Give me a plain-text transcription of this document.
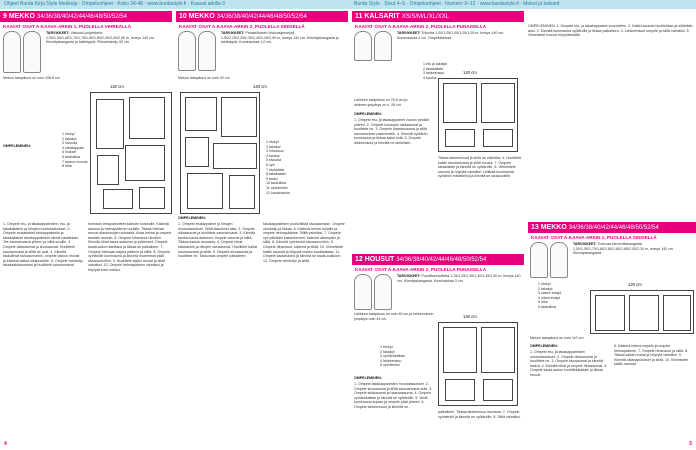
Ohjeet Burda Kirja Style Mekkoja · Ompeluohjeet · Koko 34-48 · www.burdastyle.fi · Kaavat arkilla 3	Burda Style · Sivut 4–5 · Ompeluohjeet · Numero 9–12 · www.burdastyle.fi · Mekot ja kalsarit
9 MEKKO 34/36/38/40/42/44/46/48/50/52/54
KAAVAT OSAT A-KAAVA-ARKIN 1, PUOLELLA VIHREÄLLÄ
TARVIKKEET: Viskoosi-polyesteria 1,50/1,50/1,60/1,70/1,75/1,80/1,80/2,00/2,00/2,05 m, leveys 140 cm. Kiinnityskangasta ja tukiteippiä. Piilovetoketju 50 cm.
Mekon takapituus on noin 108,8 cm
140 cm
1 etukpl
2 takakpl
3 sivuosa
4 olkakappale
5 hiukset
6 taskuliina
7 taskun reunus
8 hiha
OMPELEMINEN:
1. Ompele etu- ja takakappaleiden, etu- ja takakaitaleet ja hihojen muotolaskokset. 2. Ompele etukaitaleet etukappaleisiin ja takakaitaleet takakappaleisiin oikeat vastakkain. Tee saumanvarat yhteen ja silitä sivuille. 3. Ompele olkasaumat ja sivusaumat. Huolittele saumanvarat ja silitä ne auki. 4. Kiinnitä taskuliinat sivusaumoihin, ompele taskun reunat ja käännä taskut sisäpuolelle. 5. Ompele vetoketju takakeskisaumaan ja huolittele saumanvarat.
helmaan tetrapainotteet lukitsee korkealle. Käännä alavara ja helmapäärme nurjalle. Tikkaa helman reunat alasaumojen kohdalta. Avaa helma ja ompele tasaisin askelin. 6. Ompele hihansuut hihoihin. Kiinnitä hihat kaula-aukkoon ja päärmeet. Ompele kaula-aukon kanttaus ja tikkaa se paikalleen. 7. Ompele helmaan kapea päärme ja silitä. 8. Ompele vyötärölle kuminauha ja kiinnitä molemmat päät sivusaumoihin. 9. Huolittele kaikki reunat ja silitä valmiiksi. 10. Ompele helmapäärme valmiiksi ja höyrytä koko mekko.
10 MEKKO 34/36/38/40/42/44/46/48/50/52/54
KAAVAT OSAT A-KAAVA-ARKIN 2, PUOLELLA SINISELLÄ
TARVIKKEET: Pintakiiltoinen viskoosijerseytä 1,50/2,25/2,25/2,35/2,40/2,45/2,50 m, leveys 140 cm. Kiinnityskangasta ja tukiteippiä. Kuminauhaa 1,0 cm.
Mekon takapituus on noin 92 cm
140 cm
1 etukpl
2 takakpl
3 hihansuu
4 kaulus
5 sivuosa
6 vyö
7 etukaitale
8 takakaitale
9 tasku
10 taskuliina
11 vyönlenkki
12 kaulanauha
OMPELEMINEN:
1. Ompele etukappaleet ja hihojen muotolaskokset. Silitä laskokset alas. 2. Ompele olkasaumat ja huolittele saumanvarat. 3. Kiinnitä kaulus kaula-aukkoon, ompele saumat ja silitä. Tikkaa kaulus reunasta. 4. Ompele hihat käsivarsiin ja hihojen sivusaumat. Huolittele kaikki saumanvarat ja silitä. 5. Ompele sivusaumat ja huolittele ne. Taskuosat ompele paikalleen.
takakappaleiden puolivälistä sivusaumaan. Ompele vetoketju ja tikkaa. 6. Käännä helma nurjalle ja ompele helmapäärme. Silitä valmiiksi. 7. Ompele vyö pitkittäin kaksinkerroin, käännä oikeinpäin ja silitä. 8. Kiinnitä vyönlenkit sivusaumoihin. 9. Ompele hihansuut, käännä ja silitä. 10. Viimeistele kaikki saumat ja höyrytä mekko kauttaaltaan. 11. Ompele kaulanauha ja kiinnitä se kaula-aukkoon. 12. Ompele vetoketju ja silitä.
11 KALSARIT XS/S/M/L/XL/XXL
KAAVAT OSAT A-KAAVA-ARKIN 2, PUOLELLA PUNAISELLA
TARVIKKEET: Trikoota 1,00/1,05/1,05/1,05/1,05 m, leveys 140 cm. Kuminauhaa 4 cm. Ompelulankaa.
1 etu ja takakpl
2 takakaitale
3 lahkeensuu
4 kaulus
Lahkeen sisäpituus on 76,5 cm ja lahkeen ympärys on n. 28 cm.
140 cm
OMPELEMINEN:
1. Ompele etu- ja takakappaleet vuoron perään yhteen. 2. Ompele housujen sisäsaumat ja huolittele ne. 3. Ompele haaransauma ja silitä saumanvarat vasemmalle. 4. Kiinnitä vyötärön kuminauha ja tikkaa kaksi riviä. 5. Ompele lahkeensuut ja kiinnitä ne lahkeisiin.
Tikkaa lahkeensuut ja silitä ne valmiiksi. 6. Huolittele kaikki saumanvarat ja silitä housut. 7. Ompele takakaitale ja kiinnitä se vyötärölle. 8. Viimeistele saumat ja höyrytä valmiiksi. Leikkaa kuminauha vyötärön mittaiseksi ja kiinnitä se sisäpuolelle.
OMPELEMINEN: 1. Ompele etu- ja takakappaleet vuorotellen. 2. Kaikki saumat huolitellaan ja silitetään auki. 3. Kiinnitä kuminauha vyötärölle ja tikkaa paikalleen. 4. Lahkeensuut ompele ja silitä valmiiksi. 5. Viimeistele housut höyryttämällä.
12 HOUSUT 34/36/38/40/42/44/46/48/50/52/54
KAAVAT OSAT A-KAAVA-ARKIN 2, PUOLELLA PUNAISELLA
TARVIKKEET: Puuvillasekoitetta 1,25/1,25/1,35/1,40/1,45/1,50 m, leveys 140 cm. Kiinnityskangasta. Kuminauhaa 3 cm.
Lahkeen sisäpituus on noin 60 cm ja lahkeensuun ympärys noin 44 cm.
1 etukpl
2 takakpl
3 vyötärökaitale
4 lahkeensuu
5 vyönlenkki
140 cm
OMPELEMINEN:
1. Ompele takakappaleiden muotolaskokset. 2. Ompele sivusaumat ja silitä saumanvarat auki. 3. Ompele sisäsaumat ja haaransauma. 4. Ompele vyötärökaitale ja kiinnitä se vyötärölle. 5. Vedä kuminauha kujaan ja ompele päät yhteen. 6. Ompele lahkeensuut ja kiinnitä ne.
paikalleen. Tikkaa lahkeensuu reunasta. 7. Ompele vyönlenkit ja kiinnitä ne vyötärölle. 8. Silitä valmiiksi.
13 MEKKO 34/36/38/40/42/44/46/48/50/52/54
KAAVAT OSAT A-KAAVA-ARKIN 1, PUOLELLA SINISELLÄ
TARVIKKEET: Tukevaa kierrevillakangasta 1,50/1,50/1,75/1,80/1,80/1,80/1,85/2,05/2,10 m, leveys 140 cm. Kiinnityskangasta.
1 etukpl
2 takakpl
3 vasen etukpl
4 oikea etukpl
5 hiha
6 taskuliina
120 cm
Mekon takapituus on noin 110 cm.
OMPELEMINEN:
1. Ompele etu- ja takakappaleiden muotolaskokset. 2. Ompele olkasaumat ja huolittele ne. 3. Ompele sivusaumat ja kiinnitä taskut. 4. Kiinnitä hihat ja ompele hihasaumat. 5. Ompele kaula-aukon huolittelukaitale ja tikkaa reunat.
6. Käännä helma nurjalle ja ompele helmapäärme. 7. Ompele hihansuut ja silitä. 8. Tikkaa kaikki reunat ja höyrytä valmiiksi. 9. Kiinnitä olkanaputukset ja silitä. 10. Viimeistele kaikki saumat.
4	5
